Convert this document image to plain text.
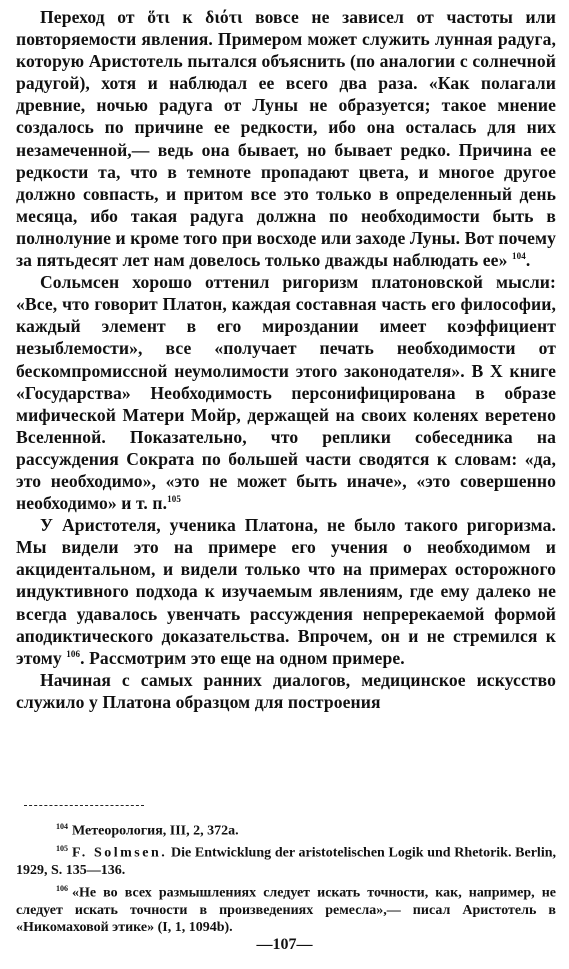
Переход от ὅτι к διότι вовсе не зависел от частоты или повторяемости явления. Примером может служить лунная радуга, которую Аристотель пытался объяснить (по аналогии с солнечной радугой), хотя и наблюдал ее всего два раза. «Как полагали древние, ночью радуга от Луны не образуется; такое мнение создалось по причине ее редкости, ибо она осталась для них незамеченной,— ведь она бывает, но бывает редко. Причина ее редкости та, что в темноте пропадают цвета, и многое другое должно совпасть, и притом все это только в определенный день месяца, ибо такая радуга должна по необходимости быть в полнолуние и кроме того при восходе или заходе Луны. Вот почему за пятьдесят лет нам довелось только дважды наблюдать ее» $^{104}$.

Сольмсен хорошо оттенил ригоризм платоновской мысли: «Все, что говорит Платон, каждая составная часть его философии, каждый элемент в его мироздании имеет коэффициент незыблемости», все «получает печать необходимости от бескомпромиссной неумолимости этого законодателя». В X книге «Государства» Необходимость персонифицирована в образе мифической Матери Мойр, держащей на своих коленях веретено Вселенной. Показательно, что реплики собеседника на рассуждения Сократа по большей части сводятся к словам: «да, это необходимо», «это не может быть иначе», «это совершенно необходимо» и т. п.$^{105}$

У Аристотеля, ученика Платона, не было такого ригоризма. Мы видели это на примере его учения о необходимом и акцидентальном, и видели только что на примерах осторожного индуктивного подхода к изучаемым явлениям, где ему далеко не всегда удавалось увенчать рассуждения непререкаемой формой аподиктического доказательства. Впрочем, он и не стремился к этому $^{106}$. Рассмотрим это еще на одном примере.

Начиная с самых ранних диалогов, медицинское искусство служило у Платона образцом для построения

$^{104}$ Метеорология, III, 2, 372a.

$^{105}$ F. Solmsen. Die Entwicklung der aristotelischen Logik und Rhetorik. Berlin, 1929, S. 135—136.

$^{106}$ «Не во всех размышлениях следует искать точности, как, например, не следует искать точности в произведениях ремесла»,— писал Аристотель в «Никомаховой этике» (I, 1, 1094b).

—107—
